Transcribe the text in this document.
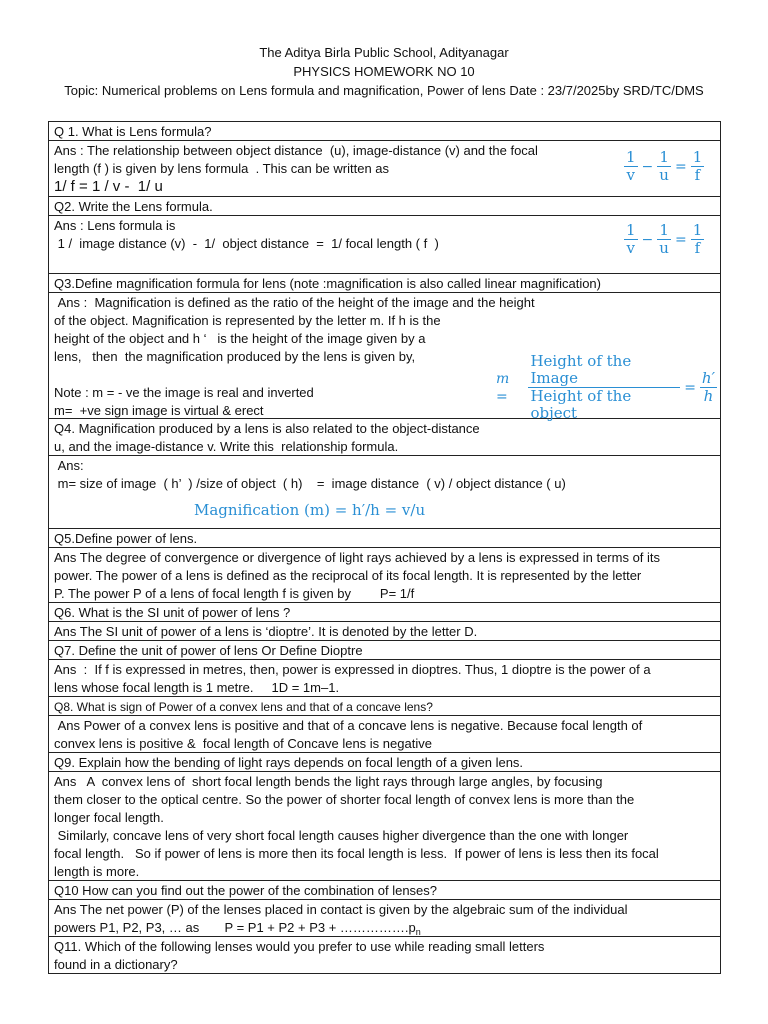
The Aditya Birla Public School, Adityanagar
PHYSICS HOMEWORK NO 10
Topic: Numerical problems on Lens formula and magnification, Power of lens Date : 23/7/2025by SRD/TC/DMS
Q 1. What is Lens formula?
Ans : The relationship between object distance  (u), image-distance (v) and the focal
length (f ) is given by lens formula  . This can be written as
1/ f = 1 / v -  1/ u
$\frac{1}{v} - \frac{1}{u} = \frac{1}{f}$
Q2. Write the Lens formula.
Ans : Lens formula is
1 /  image distance (v)  -  1/  object distance  =  1/ focal length ( f  )	$\frac{1}{v} - \frac{1}{u} = \frac{1}{f}$
Q3.Define magnification formula for lens (note :magnification is also called linear magnification)
Ans :  Magnification is defined as the ratio of the height of the image and the height
of the object. Magnification is represented by the letter m. If h is the
height of the object and h ‘   is the height of the image given by a
lens,   then  the magnification produced by the lens is given by,
Note : m = - ve the image is real and inverted
m=  +ve sign image is virtual & erect
m =	$\frac{\text{Height of the Image}}{\text{Height of the object}} = \frac{h'}{h}$
Q4. Magnification produced by a lens is also related to the object-distance
u, and the image-distance v. Write this  relationship formula.
Ans:
m= size of image  ( h’  ) /size of object  ( h)    =  image distance  ( v) / object distance ( u)
Magnification (m) = h′/h = v/u
Q5.Define power of lens.
Ans The degree of convergence or divergence of light rays achieved by a lens is expressed in terms of its
power. The power of a lens is defined as the reciprocal of its focal length. It is represented by the letter
P. The power P of a lens of focal length f is given by        P= 1/f
Q6. What is the SI unit of power of lens ?
Ans The SI unit of power of a lens is ‘dioptre’. It is denoted by the letter D.
Q7. Define the unit of power of lens Or Define Dioptre
Ans  :  If f is expressed in metres, then, power is expressed in dioptres. Thus, 1 dioptre is the power of a
lens whose focal length is 1 metre.     1D = 1m–1.
Q8. What is sign of Power of a convex lens and that of a concave lens?
Ans Power of a convex lens is positive and that of a concave lens is negative. Because focal length of
convex lens is positive &  focal length of Concave lens is negative
Q9. Explain how the bending of light rays depends on focal length of a given lens.
Ans   A  convex lens of  short focal length bends the light rays through large angles, by focusing
them closer to the optical centre. So the power of shorter focal length of convex lens is more than the
longer focal length.
Similarly, concave lens of very short focal length causes higher divergence than the one with longer
focal length.   So if power of lens is more then its focal length is less.  If power of lens is less then its focal
length is more.
Q10 How can you find out the power of the combination of lenses?
Ans The net power (P) of the lenses placed in contact is given by the algebraic sum of the individual
powers P1, P2, P3, … as       $P = P1 + P2 + P3 + \dots\dots\dots\dots\dots.p_n$
Q11. Which of the following lenses would you prefer to use while reading small letters
found in a dictionary?
